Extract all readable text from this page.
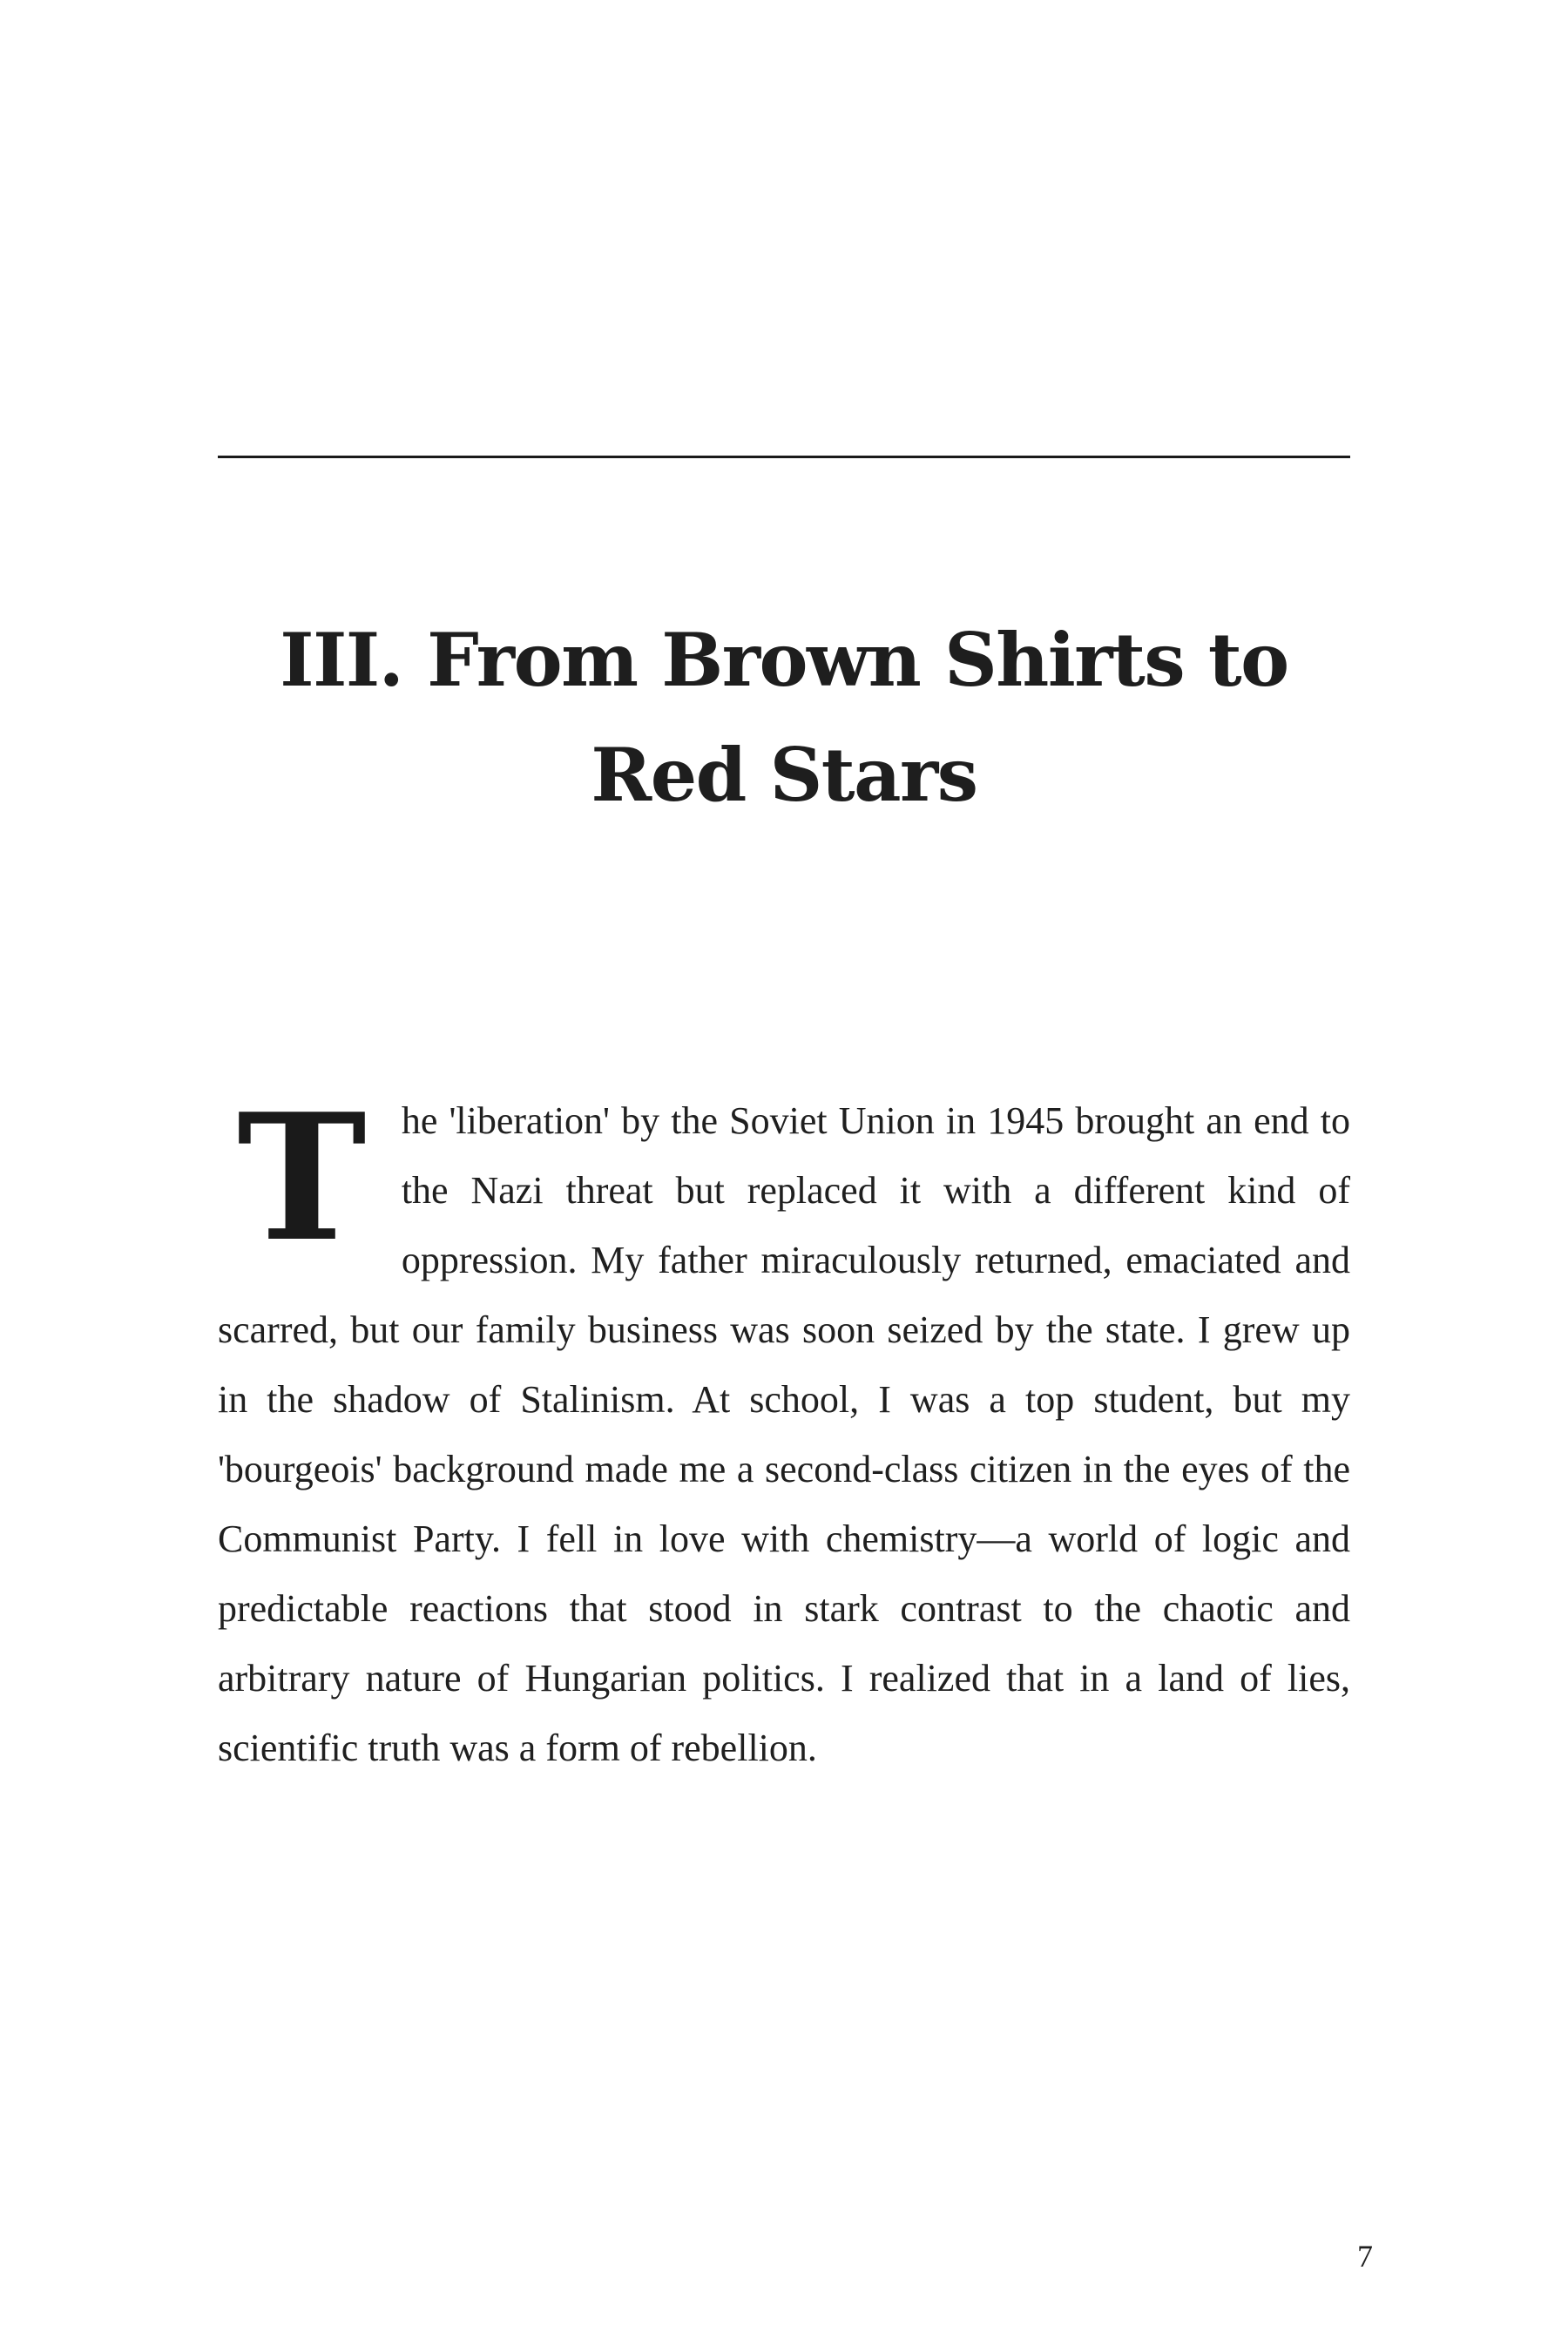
III. From Brown Shirts to Red Stars

The 'liberation' by the Soviet Union in 1945 brought an end to the Nazi threat but replaced it with a different kind of oppression. My father miraculously returned, emaciated and scarred, but our family business was soon seized by the state. I grew up in the shadow of Stalinism. At school, I was a top student, but my 'bourgeois' background made me a second-class citizen in the eyes of the Communist Party. I fell in love with chemistry—a world of logic and predictable reactions that stood in stark contrast to the chaotic and arbitrary nature of Hungarian politics. I realized that in a land of lies, scientific truth was a form of rebellion.

7
